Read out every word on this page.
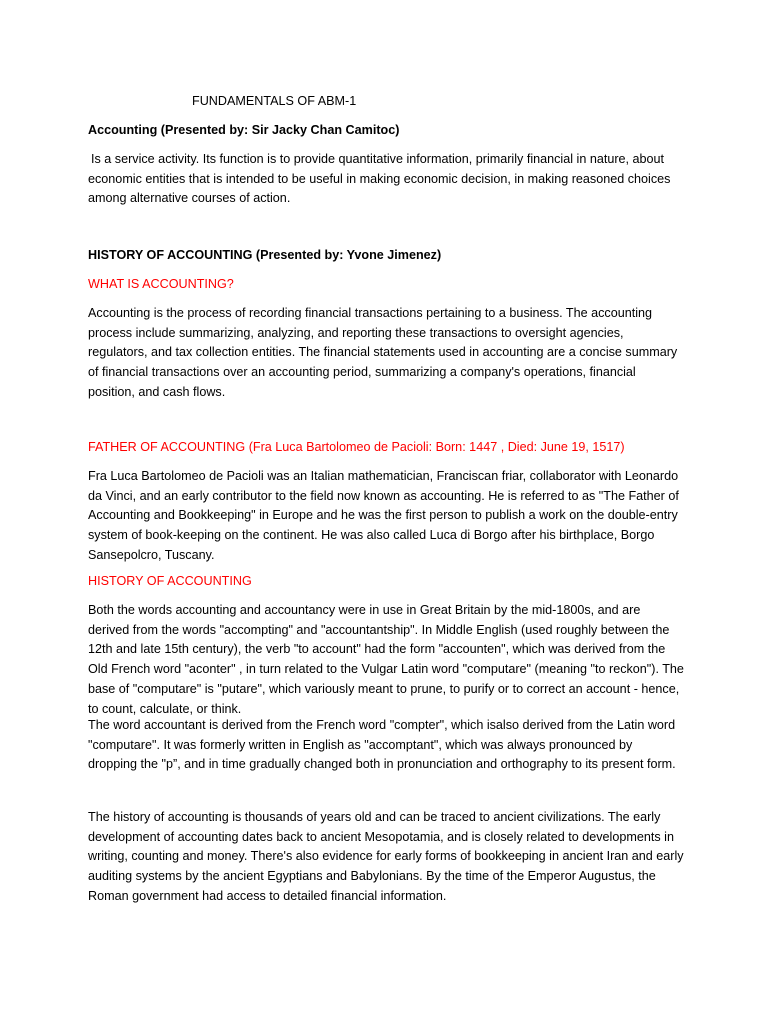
FUNDAMENTALS OF ABM-1

Accounting (Presented by: Sir Jacky Chan Camitoc)

Is a service activity. Its function is to provide quantitative information, primarily financial in nature, about economic entities that is intended to be useful in making economic decision, in making reasoned choices among alternative courses of action.

HISTORY OF ACCOUNTING (Presented by: Yvone Jimenez)

WHAT IS ACCOUNTING?

Accounting is the process of recording financial transactions pertaining to a business. The accounting process include summarizing, analyzing, and reporting these transactions to oversight agencies, regulators, and tax collection entities. The financial statements used in accounting are a concise summary of financial transactions over an accounting period, summarizing a company's operations, financial position, and cash flows.

FATHER OF ACCOUNTING (Fra Luca Bartolomeo de Pacioli: Born: 1447 , Died: June 19, 1517)

Fra Luca Bartolomeo de Pacioli was an Italian mathematician, Franciscan friar, collaborator with Leonardo da Vinci, and an early contributor to the field now known as accounting. He is referred to as "The Father of Accounting and Bookkeeping" in Europe and he was the first person to publish a work on the double-entry system of book-keeping on the continent. He was also called Luca di Borgo after his birthplace, Borgo Sansepolcro, Tuscany.

HISTORY OF ACCOUNTING

Both the words accounting and accountancy were in use in Great Britain by the mid-1800s, and are derived from the words "accompting" and "accountantship". In Middle English (used roughly between the 12th and late 15th century), the verb "to account" had the form "accounten", which was derived from the Old French word "aconter" , in turn related to the Vulgar Latin word "computare" (meaning "to reckon"). The base of "computare" is "putare", which variously meant to prune, to purify or to correct an account - hence, to count, calculate, or think.

The word accountant is derived from the French word "compter", which isalso derived from the Latin word "computare". It was formerly written in English as "accomptant", which was always pronounced by dropping the "p”, and in time gradually changed both in pronunciation and orthography to its present form.

The history of accounting is thousands of years old and can be traced to ancient civilizations. The early development of accounting dates back to ancient Mesopotamia, and is closely related to developments in writing, counting and money. There's also evidence for early forms of bookkeeping in ancient Iran and early auditing systems by the ancient Egyptians and Babylonians. By the time of the Emperor Augustus, the Roman government had access to detailed financial information.
